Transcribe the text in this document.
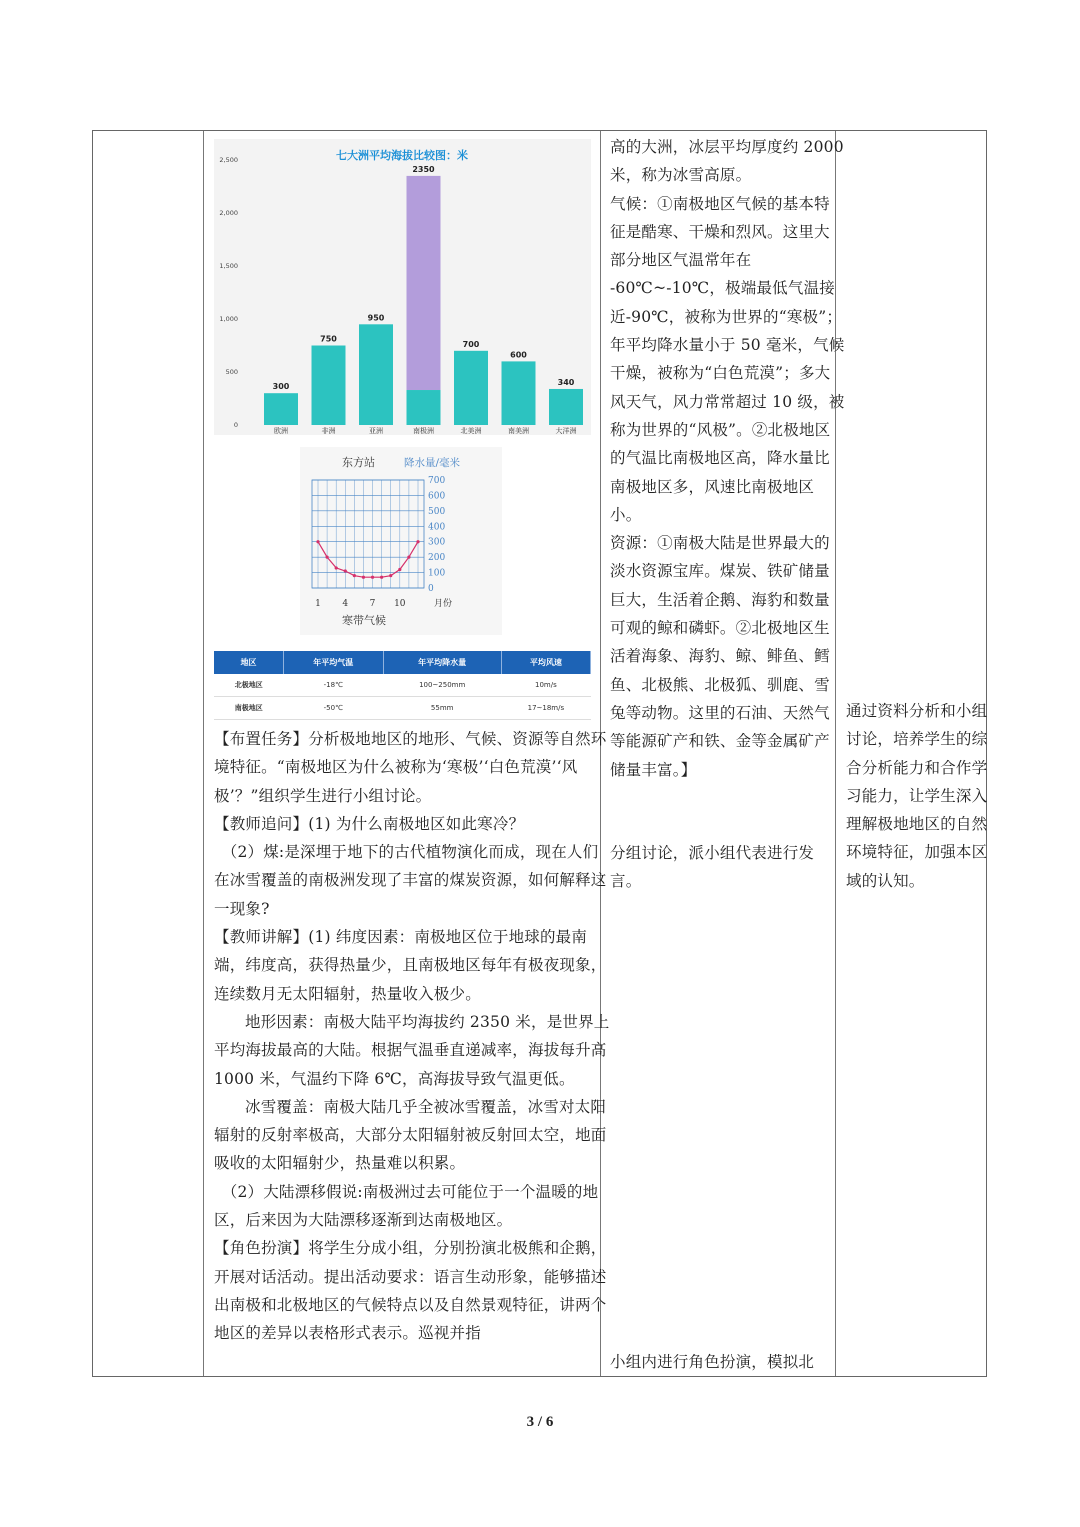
七大洲平均海拔比较图：米
0
500
1,000
1,500
2,000
2,500
300
750
950
2350
700
600
340
欧洲	非洲	亚洲	南极洲	北美洲	南美洲	大洋洲
东方站	降水量/毫米
0
100
200
300
400
500
600
700
1 4 7 10	月份
寒带气候
地区	年平均气温	年平均降水量	平均风速
北极地区	-18℃	100~250mm	10m/s
南极地区	-50℃	55mm	17~18m/s

【布置任务】分析极地地区的地形、气候、资源等自然环境特征。“南极地区为什么被称为‘寒极’‘白色荒漠’‘风极’？”组织学生进行小组讨论。

【教师追问】(1) 为什么南极地区如此寒冷？

（2）煤:是深埋于地下的古代植物演化而成，现在人们在冰雪覆盖的南极洲发现了丰富的煤炭资源，如何解释这一现象?

【教师讲解】(1) 纬度因素：南极地区位于地球的最南端，纬度高，获得热量少，且南极地区每年有极夜现象，连续数月无太阳辐射，热量收入极少。

地形因素：南极大陆平均海拔约 2350 米，是世界上平均海拔最高的大陆。根据气温垂直递减率，海拔每升高 1000 米，气温约下降 6℃，高海拔导致气温更低。

冰雪覆盖：南极大陆几乎全被冰雪覆盖，冰雪对太阳辐射的反射率极高，大部分太阳辐射被反射回太空，地面吸收的太阳辐射少，热量难以积累。

（2）大陆漂移假说:南极洲过去可能位于一个温暖的地区，后来因为大陆漂移逐渐到达南极地区。

【角色扮演】将学生分成小组，分别扮演北极熊和企鹅，开展对话活动。提出活动要求：语言生动形象，能够描述出南极和北极地区的气候特点以及自然景观特征，讲两个地区的差异以表格形式表示。巡视并指

高的大洲，冰层平均厚度约 2000 米，称为冰雪高原。

气候：①南极地区气候的基本特征是酷寒、干燥和烈风。这里大部分地区气温常年在 -60℃~-10℃，极端最低气温接近-90℃，被称为世界的“寒极”；年平均降水量小于 50 毫米，气候干燥，被称为“白色荒漠”；多大风天气，风力常常超过 10 级，被称为世界的“风极”。②北极地区的气温比南极地区高，降水量比南极地区多，风速比南极地区小。

资源：①南极大陆是世界最大的淡水资源宝库。煤炭、铁矿储量巨大，生活着企鹅、海豹和数量可观的鲸和磷虾。②北极地区生活着海象、海豹、鲸、鲱鱼、鳕鱼、北极熊、北极狐、驯鹿、雪兔等动物。这里的石油、天然气等能源矿产和铁、金等金属矿产储量丰富。】

分组讨论，派小组代表进行发言。

小组内进行角色扮演，模拟北

通过资料分析和小组讨论，培养学生的综合分析能力和合作学习能力，让学生深入理解极地地区的自然环境特征，加强本区域的认知。

3 / 6
